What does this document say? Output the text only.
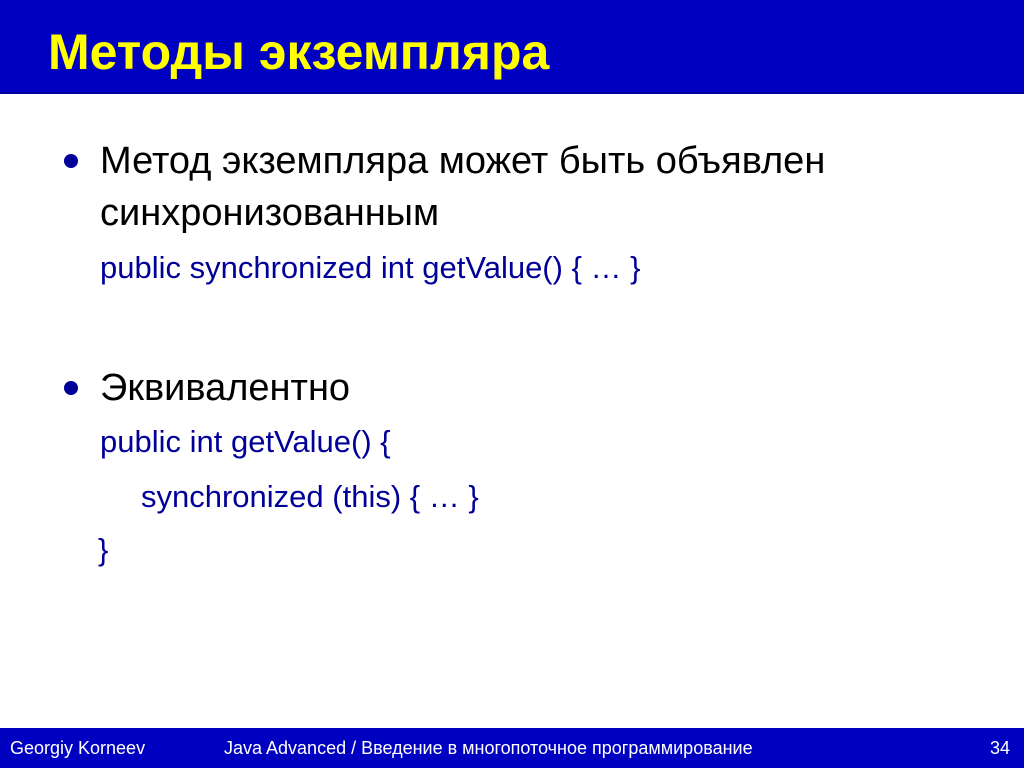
Методы экземпляра
Метод экземпляра может быть объявлен
синхронизованным
public synchronized int getValue() { … }
Эквивалентно
public int getValue() {
synchronized (this) { … }
}
Georgiy Korneev	Java Advanced / Введение в многопоточное программирование	34
